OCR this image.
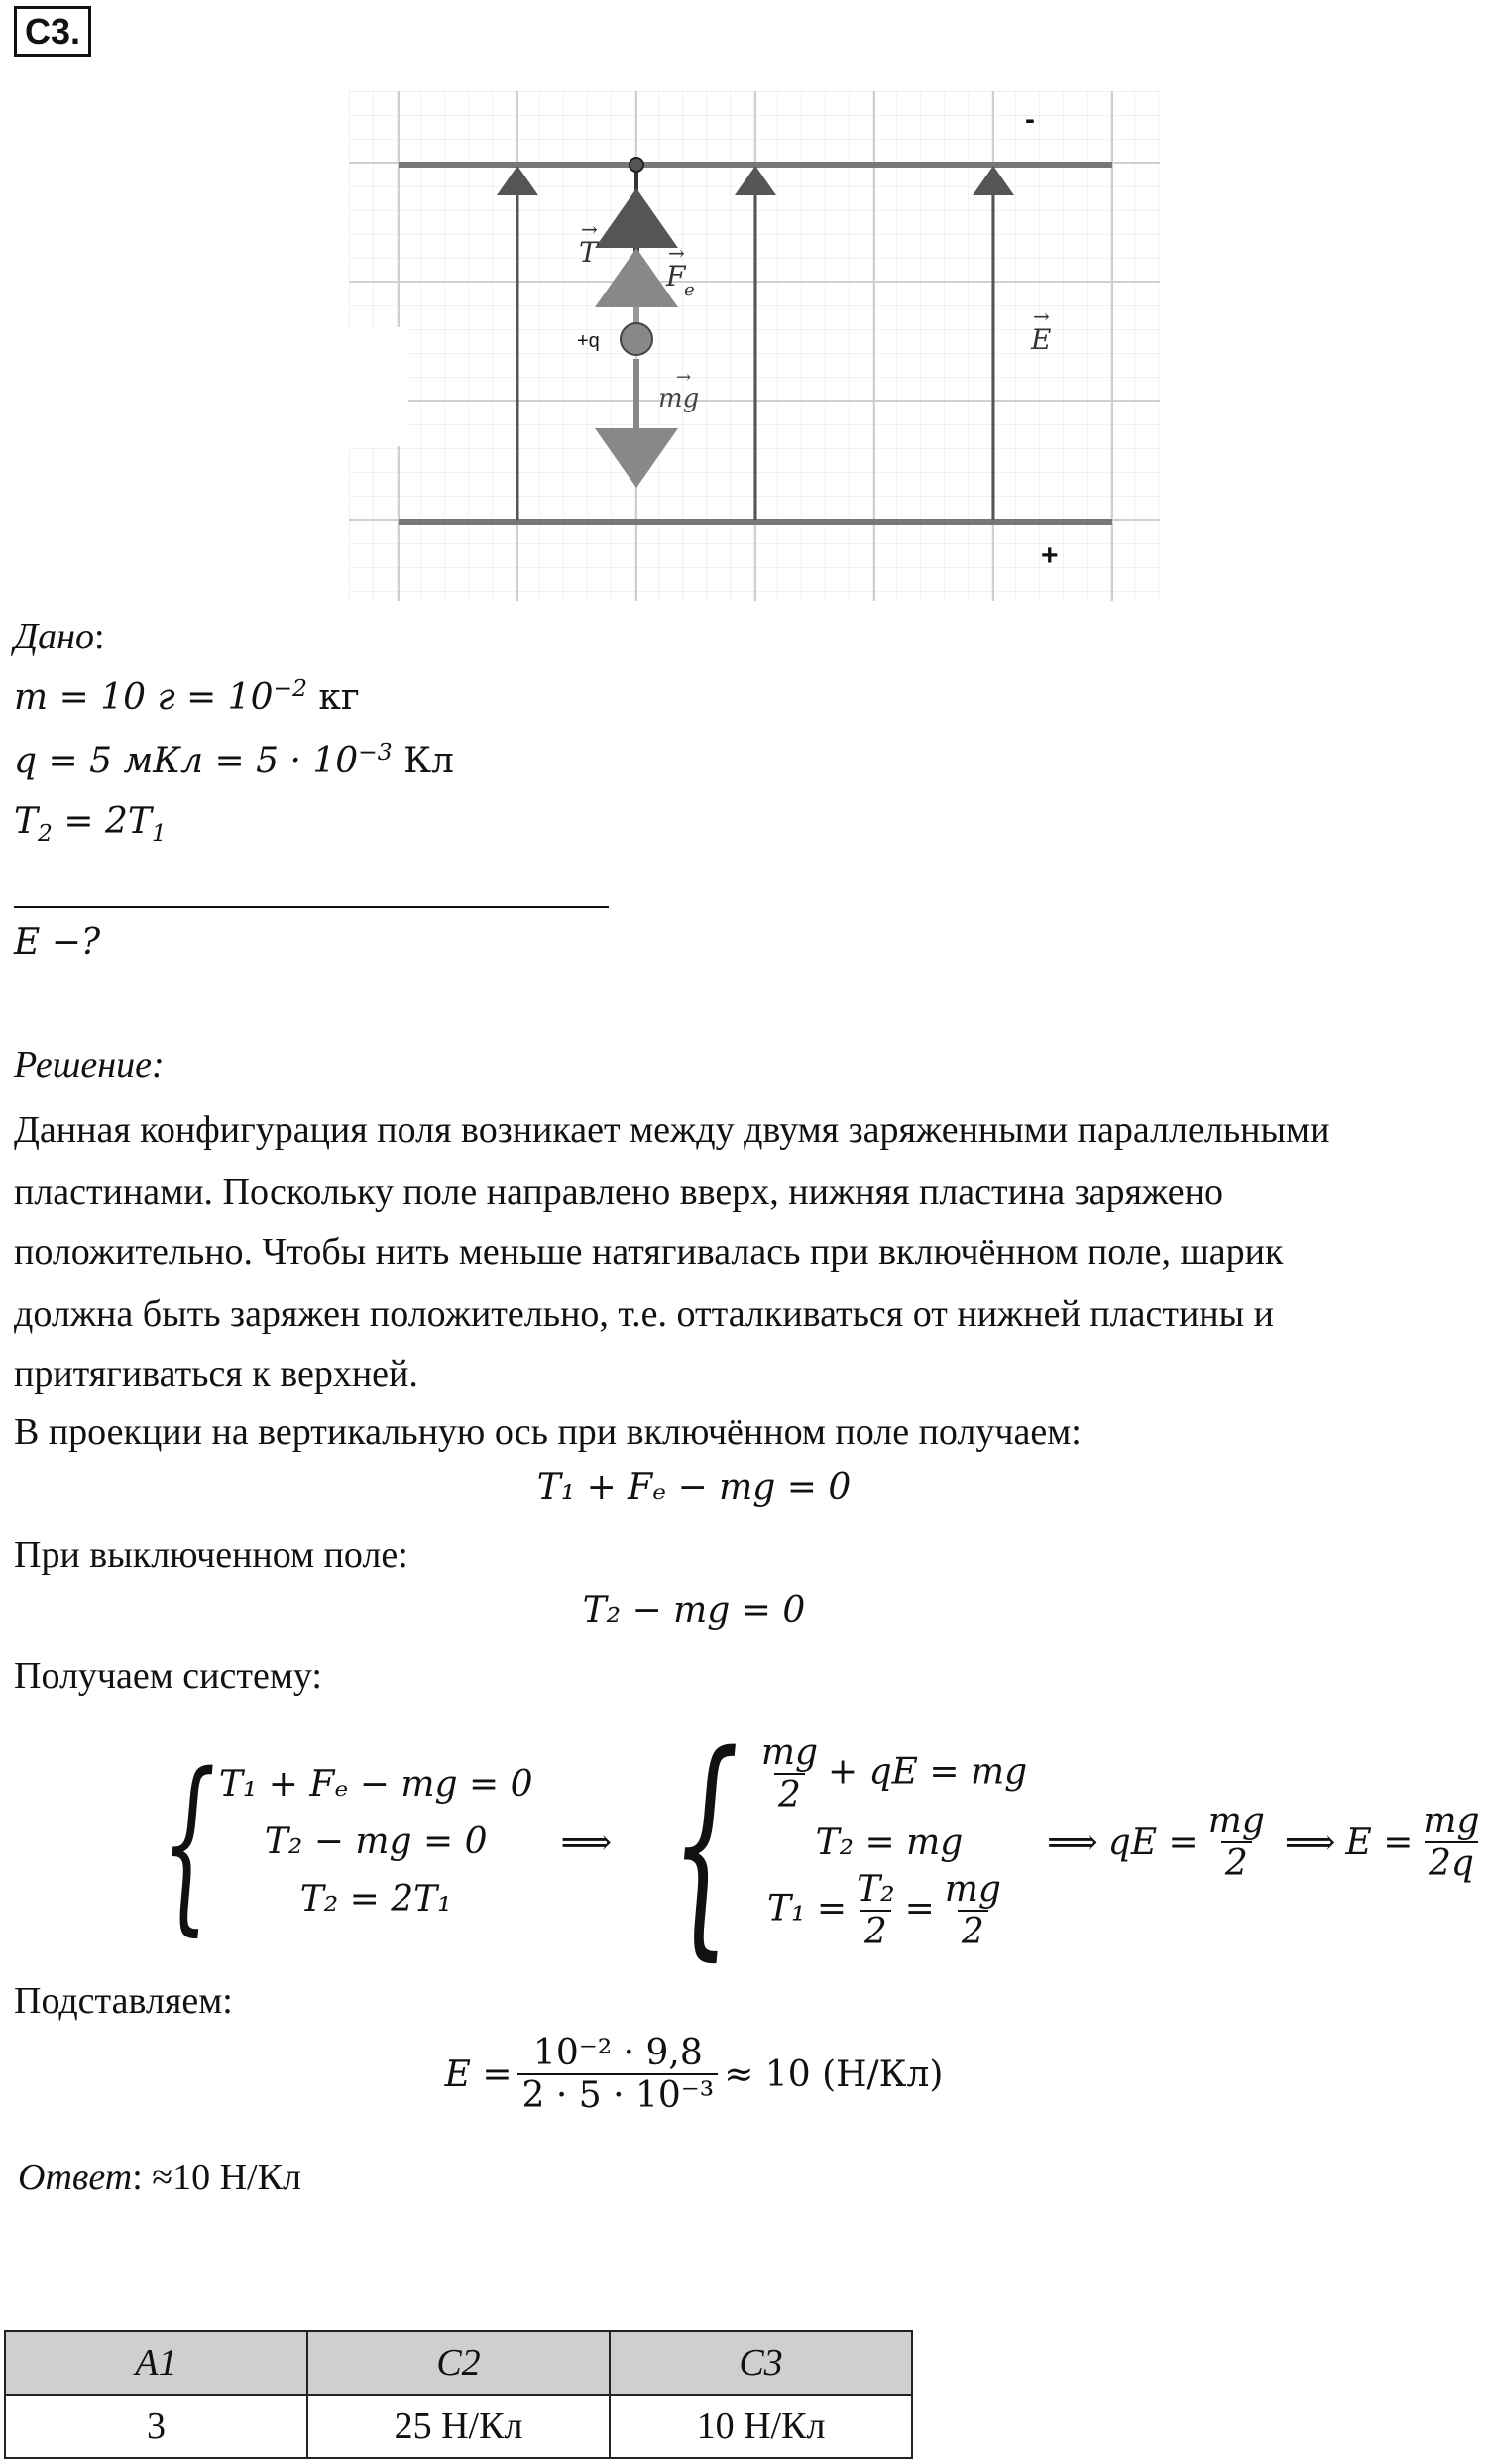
С3.
-
+
+q
T
→
F
e
→
mg
→
E
→
Дано:
m = 10 $г = 10^{-2}$ кг
q = 5 мКл = $5 \cdot 10^{-3}$ Кл
$T_2 = 2T_1$
E −?
Решение:
Данная конфигурация поля возникает между двумя заряженными параллельными пластинами. Поскольку поле направлено вверх, нижняя пластина заряжено положительно. Чтобы нить меньше натягивалась при включённом поле, шарик должна быть заряжен положительно, т.е. отталкиваться от нижней пластины и притягиваться к верхней.
В проекции на вертикальную ось при включённом поле получаем:
T₁ + Fₑ − mg = 0
При выключенном поле:
T₂ − mg = 0
Получаем систему:
{ T₁ + Fₑ − mg = 0
T₂ − mg = 0
T₂ = 2T₁
⟹ { $\frac{mg}{2}$ + qE = mg
T₂ = mg
$T_1 = \frac{\text{T₂}}{2} = \frac{mg}{2}$
⟹ qE = $\frac{mg}{2}$ ⟹ $E = \frac{mg}{2q}$
Подставляем:
$E = \frac{\text{10⁻² · 9,8}}{\text{2 · 5 · 10⁻³}} \approx 10$ (Н/Кл)
Ответ: ≈10 Н/Кл
А1	С2	С3
3	25 Н/Кл	10 Н/Кл
